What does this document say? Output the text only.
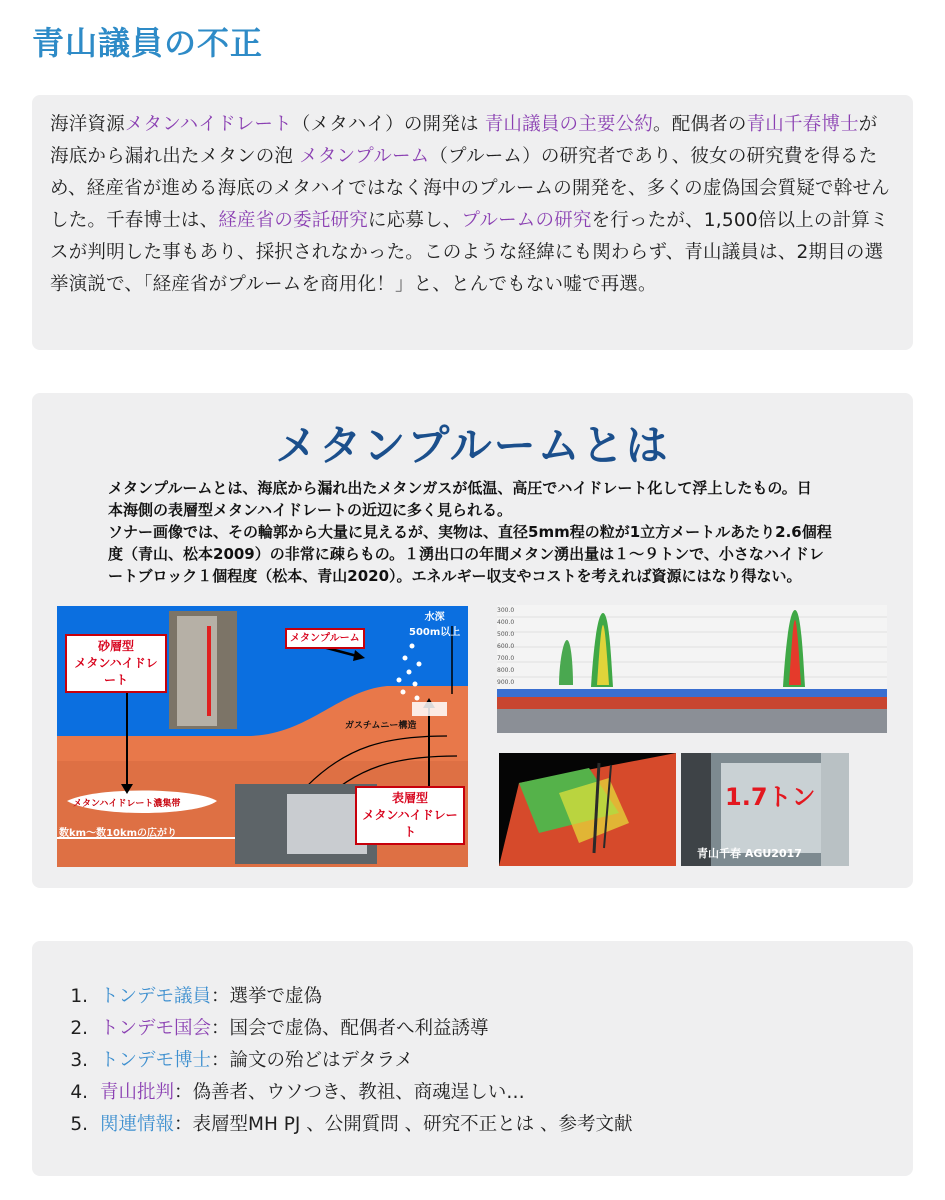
青山議員の不正

海洋資源メタンハイドレート（メタハイ）の開発は 青山議員の主要公約。配偶者の青山千春博士が海底から漏れ出たメタンの泡 メタンプルーム（プルーム）の研究者であり、彼女の研究費を得るため、経産省が進める海底のメタハイではなく海中のプルームの開発を、多くの虚偽国会質疑で斡せんした。千春博士は、経産省の委託研究に応募し、プルームの研究を行ったが、1,500倍以上の計算ミスが判明した事もあり、採択されなかった。このような経緯にも関わらず、青山議員は、2期目の選挙演説で、「経産省がプルームを商用化！」と、とんでもない嘘で再選。

メタンプルームとは

メタンプルームとは、海底から漏れ出たメタンガスが低温、高圧でハイドレート化して浮上したもの。日
本海側の表層型メタンハイドレートの近辺に多く見られる。
ソナー画像では、その輪郭から大量に見えるが、実物は、直径5mm程の粒が1立方メートルあたり2.6個程
度（青山、松本2009）の非常に疎らもの。１湧出口の年間メタン湧出量は１〜９トンで、小さなハイドレ
ートブロック１個程度（松本、青山2020）。エネルギー収支やコストを考えれば資源にはなり得ない。

砂層型
メタンハイドレート
メタンプルーム
水深
500m以上
ガスチムニー構造
メタンハイドレート濃集帯
数km～数10kmの広がり
表層型
メタンハイドレート
300.0
400.0
500.0
600.0
700.0
800.0
900.0
1.7トン
青山千春 AGU2017
1. トンデモ議員：選挙で虚偽
2. トンデモ国会：国会で虚偽、配偶者へ利益誘導
3. トンデモ博士：論文の殆どはデタラメ
4. 青山批判：偽善者、ウソつき、教祖、商魂逞しい…
5. 関連情報：表層型MH PJ 、公開質問 、研究不正とは 、参考文献
